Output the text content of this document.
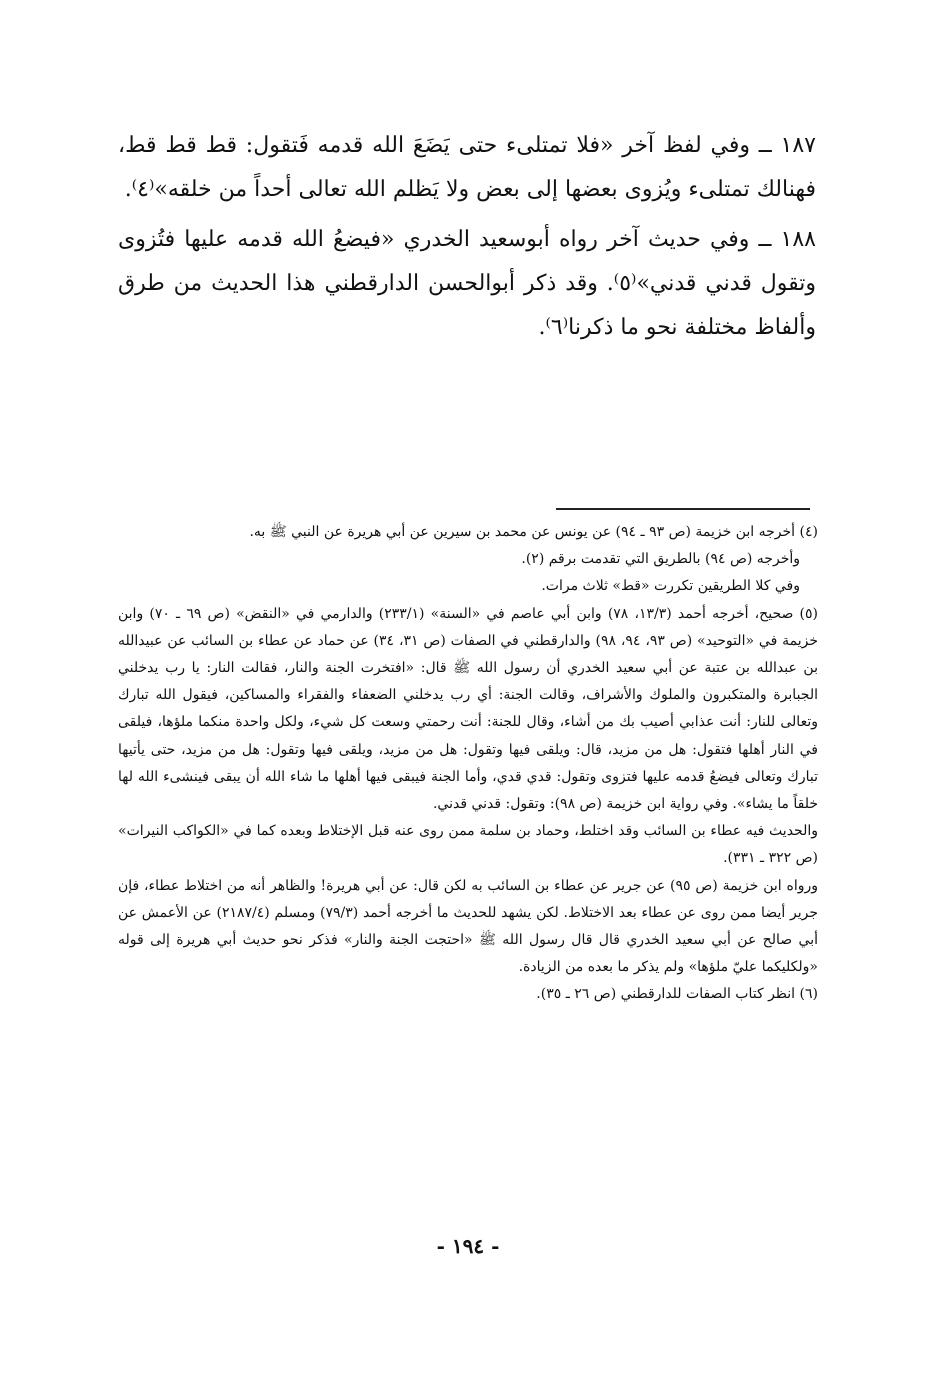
١٨٧ ــ وفي لفظ آخر «فلا تمتلىء حتى يَضَعَ الله قدمه فَتقول: قط قط قط، فهنالك تمتلىء ويُزوى بعضها إلى بعض ولا يَظلم الله تعالى أحداً من خلقه»⁽٤⁾.

١٨٨ ــ وفي حديث آخر رواه أبوسعيد الخدري «فيضعُ الله قدمه عليها فتُزوى وتقول قدني قدني»⁽٥⁾. وقد ذكر أبوالحسن الدارقطني هذا الحديث من طرق وألفاظ مختلفة نحو ما ذكرنا⁽٦⁾.

(٤) أخرجه ابن خزيمة (ص ٩٣ ـ ٩٤) عن يونس عن محمد بن سيرين عن أبي هريرة عن النبي ﷺ به.

وأخرجه (ص ٩٤) بالطريق التي تقدمت برقم (٢).

وفي كلا الطريقين تكررت «قط» ثلاث مرات.

(٥) صحيح، أخرجه أحمد (١٣/٣، ٧٨) وابن أبي عاصم في «السنة» (٢٣٣/١) والدارمي في «النقض» (ص ٦٩ ـ ٧٠) وابن خزيمة في «التوحيد» (ص ٩٣، ٩٤، ٩٨) والدارقطني في الصفات (ص ٣١، ٣٤) عن حماد عن عطاء بن السائب عن عبيدالله بن عبدالله بن عتبة عن أبي سعيد الخدري أن رسول الله ﷺ قال: «افتخرت الجنة والنار، فقالت النار: يا رب يدخلني الجبابرة والمتكبرون والملوك والأشراف، وقالت الجنة: أي رب يدخلني الضعفاء والفقراء والمساكين، فيقول الله تبارك وتعالى للنار: أنت عذابي أصيب بك من أشاء، وقال للجنة: أنت رحمتي وسعت كل شيء، ولكل واحدة منكما ملؤها، فيلقى في النار أهلها فتقول: هل من مزيد، قال: ويلقى فيها وتقول: هل من مزيد، ويلقى فيها وتقول: هل من مزيد، حتى يأتيها تبارك وتعالى فيضعُ قدمه عليها فتزوى وتقول: قدي قدي، وأما الجنة فيبقى فيها أهلها ما شاء الله أن يبقى فينشىء الله لها خلقاً ما يشاء». وفي رواية ابن خزيمة (ص ٩٨): وتقول: قدني قدني.

والحديث فيه عطاء بن السائب وقد اختلط، وحماد بن سلمة ممن روى عنه قبل الإختلاط وبعده كما في «الكواكب النيرات» (ص ٣٢٢ ـ ٣٣١).

ورواه ابن خزيمة (ص ٩٥) عن جرير عن عطاء بن السائب به لكن قال: عن أبي هريرة! والظاهر أنه من اختلاط عطاء، فإن جرير أيضا ممن روى عن عطاء بعد الاختلاط. لكن يشهد للحديث ما أخرجه أحمد (٧٩/٣) ومسلم (٢١٨٧/٤) عن الأعمش عن أبي صالح عن أبي سعيد الخدري قال قال رسول الله ﷺ «احتجت الجنة والنار» فذكر نحو حديث أبي هريرة إلى قوله «ولكليكما عليّ ملؤها» ولم يذكر ما بعده من الزيادة.

(٦) انظر كتاب الصفات للدارقطني (ص ٢٦ ـ ٣٥).

- ١٩٤ -
